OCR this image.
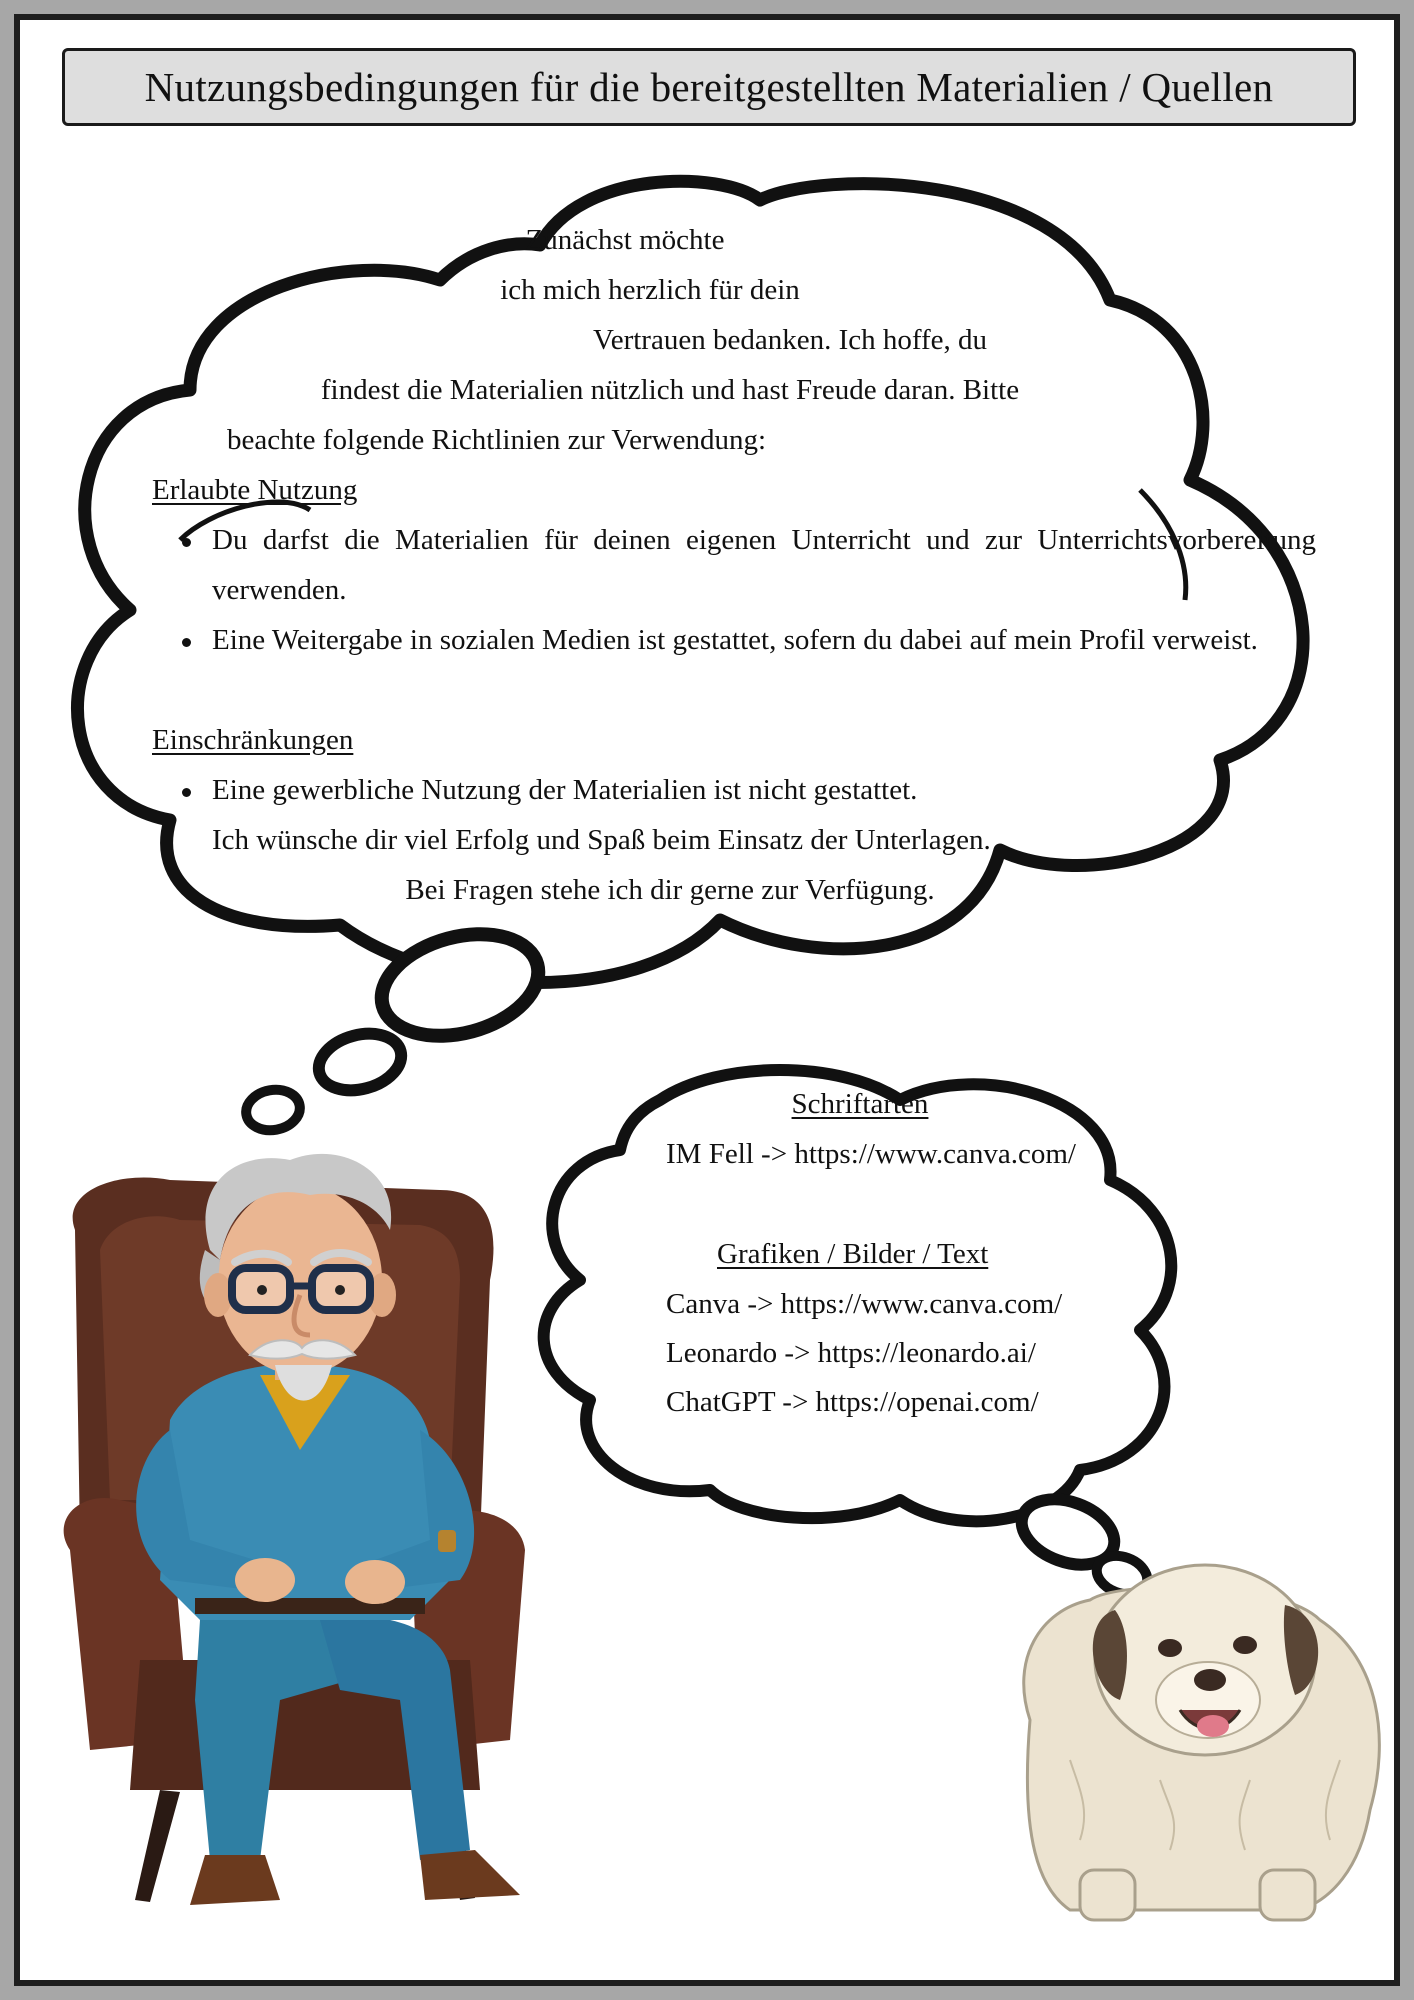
Nutzungsbedingungen für die bereitgestellten Materialien / Quellen
Zunächst möchte
ich mich herzlich für dein
Vertrauen bedanken. Ich hoffe, du
findest die Materialien nützlich und hast Freude daran. Bitte
beachte folgende Richtlinien zur Verwendung:
Erlaubte Nutzung
Du darfst die Materialien für deinen eigenen Unterricht und zur Unterrichtsvorbereitung verwenden.
Eine Weitergabe in sozialen Medien ist gestattet, sofern du dabei auf mein Profil verweist.
Einschränkungen
Eine gewerbliche Nutzung der Materialien ist nicht gestattet.
Ich wünsche dir viel Erfolg und Spaß beim Einsatz der Unterlagen.
Bei Fragen stehe ich dir gerne zur Verfügung.
Schriftarten
IM Fell -> https://www.canva.com/
Grafiken / Bilder / Text
Canva -> https://www.canva.com/
Leonardo -> https://leonardo.ai/
ChatGPT -> https://openai.com/
